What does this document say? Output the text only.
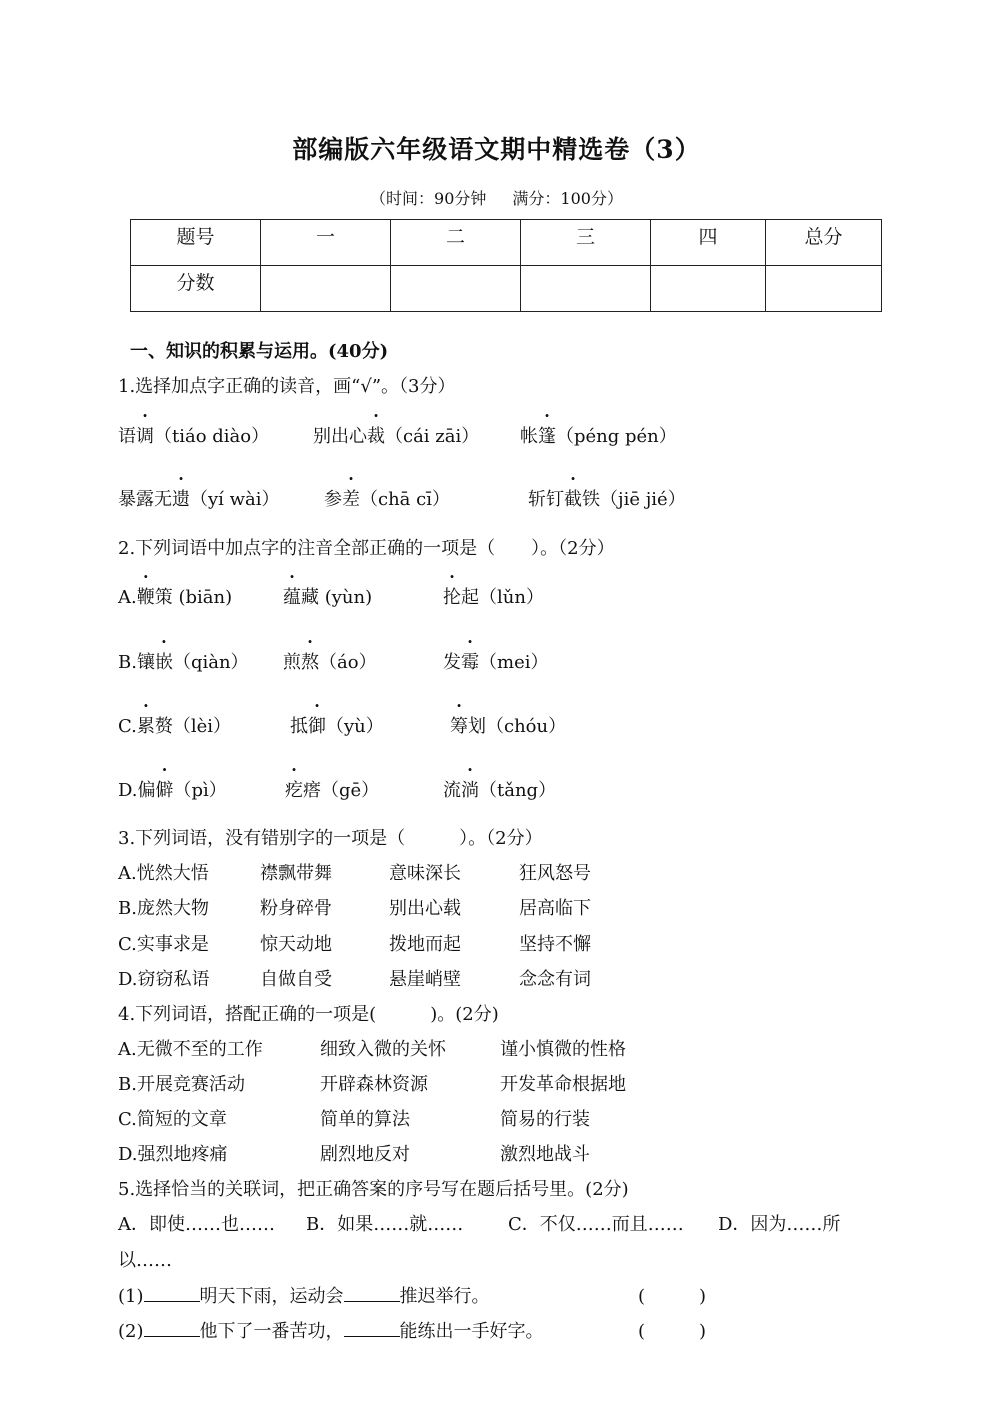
部编版六年级语文期中精选卷（3）
（时间：90分钟 满分：100分）
题号	一	二	三	四	总分
分数					
一、知识的积累与运用。(40分)
1.选择加点字正确的读音，画“√”。（3分）
语调（tiáo diào） 别出心裁（cái zāi） 帐篷（péng pén）
暴露无遗（yí wài） 参差（chā cī）	斩钉截铁（jiē jié）
2.下列词语中加点字的注音全部正确的一项是（　　）。（2分）
A.鞭策 (biān)	蕴藏 (yùn)	抡起（lǔn）
B.镶嵌（qiàn） 煎熬（áo）	发霉（mei）
C.累赘（lèi）	抵御（yù）	筹划（chóu）
D.偏僻（pì）	疙瘩（gē）	流淌（tǎng）
3.下列词语，没有错别字的一项是（　　　）。（2分）
A.恍然大悟	襟飘带舞	意味深长	狂风怒号
B.庞然大物	粉身碎骨	别出心载	居高临下
C.实事求是	惊天动地	拨地而起	坚持不懈
D.窃窃私语	自做自受	悬崖峭壁	念念有词
4.下列词语，搭配正确的一项是(　　　)。(2分)
A.无微不至的工作	细致入微的关怀	谨小慎微的性格
B.开展竞赛活动	开辟森林资源	开发革命根据地
C.简短的文章	简单的算法	简易的行装
D.强烈地疼痛	剧烈地反对	激烈地战斗
5.选择恰当的关联词，把正确答案的序号写在题后括号里。(2分)
A．即使……也…… B．如果……就…… C．不仅……而且…… D．因为……所
以……
(1)	明天下雨，运动会	推迟举行。	(　　　)
(2)	他下了一番苦功，	能练出一手好字。	(　　　)
